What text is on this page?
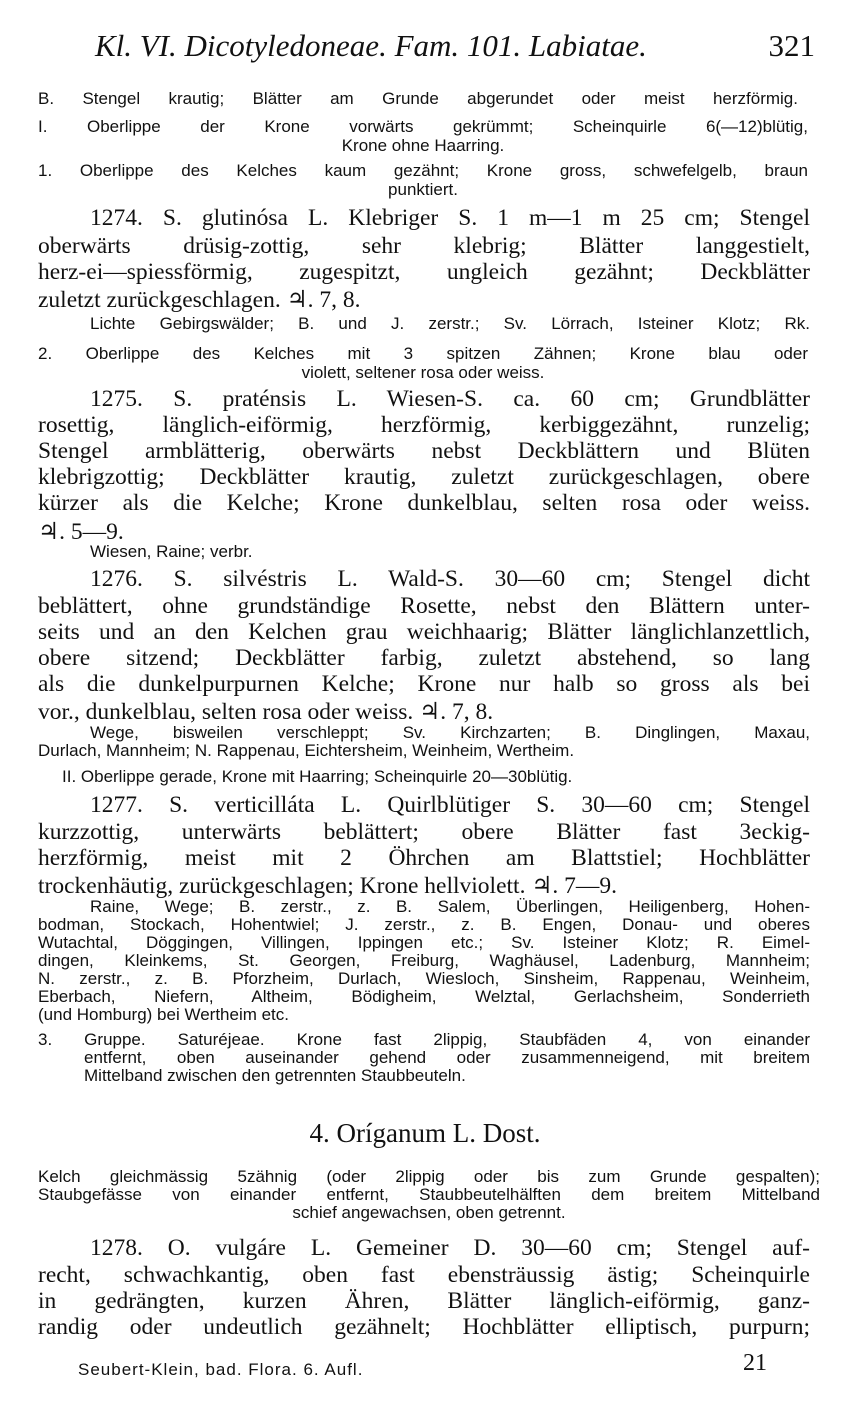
Kl. VI. Dicotyledoneae. Fam. 101. Labiatae.	321
B. Stengel krautig; Blätter am Grunde abgerundet oder meist herzförmig.
I. Oberlippe der Krone vorwärts gekrümmt; Scheinquirle 6(—12)blütig,
Krone ohne Haarring.
1. Oberlippe des Kelches kaum gezähnt; Krone gross, schwefelgelb, braun
punktiert.
1274. S. glutinósa L. Klebriger S. 1 m—1 m 25 cm; Stengel
oberwärts drüsig-zottig, sehr klebrig; Blätter langgestielt,
herz-ei—spiessförmig, zugespitzt, ungleich gezähnt; Deckblätter
zuletzt zurückgeschlagen. ♃. 7, 8.
Lichte Gebirgswälder; B. und J. zerstr.; Sv. Lörrach, Isteiner Klotz; Rk.
2. Oberlippe des Kelches mit 3 spitzen Zähnen; Krone blau oder
violett, seltener rosa oder weiss.
1275. S. praténsis L. Wiesen-S. ca. 60 cm; Grundblätter
rosettig, länglich-eiförmig, herzförmig, kerbiggezähnt, runzelig;
Stengel armblätterig, oberwärts nebst Deckblättern und Blüten
klebrigzottig; Deckblätter krautig, zuletzt zurückgeschlagen, obere
kürzer als die Kelche; Krone dunkelblau, selten rosa oder weiss.
♃. 5—9.
Wiesen, Raine; verbr.
1276. S. silvéstris L. Wald-S. 30—60 cm; Stengel dicht
beblättert, ohne grundständige Rosette, nebst den Blättern unter-
seits und an den Kelchen grau weichhaarig; Blätter länglichlanzettlich,
obere sitzend; Deckblätter farbig, zuletzt abstehend, so lang
als die dunkelpurpurnen Kelche; Krone nur halb so gross als bei
vor., dunkelblau, selten rosa oder weiss. ♃. 7, 8.
Wege, bisweilen verschleppt; Sv. Kirchzarten; B. Dinglingen, Maxau,
Durlach, Mannheim; N. Rappenau, Eichtersheim, Weinheim, Wertheim.
II. Oberlippe gerade, Krone mit Haarring; Scheinquirle 20—30blütig.
1277. S. verticilláta L. Quirlblütiger S. 30—60 cm; Stengel
kurzzottig, unterwärts beblättert; obere Blätter fast 3eckig-
herzförmig, meist mit 2 Öhrchen am Blattstiel; Hochblätter
trockenhäutig, zurückgeschlagen; Krone hellviolett. ♃. 7—9.
Raine, Wege; B. zerstr., z. B. Salem, Überlingen, Heiligenberg, Hohen-
bodman, Stockach, Hohentwiel; J. zerstr., z. B. Engen, Donau- und oberes
Wutachtal, Döggingen, Villingen, Ippingen etc.; Sv. Isteiner Klotz; R. Eimel-
dingen, Kleinkems, St. Georgen, Freiburg, Waghäusel, Ladenburg, Mannheim;
N. zerstr., z. B. Pforzheim, Durlach, Wiesloch, Sinsheim, Rappenau, Weinheim,
Eberbach, Niefern, Altheim, Bödigheim, Welztal, Gerlachsheim, Sonderrieth
(und Homburg) bei Wertheim etc.
3. Gruppe. Saturéjeae. Krone fast 2lippig, Staubfäden 4, von einander
entfernt, oben auseinander gehend oder zusammenneigend, mit breitem
Mittelband zwischen den getrennten Staubbeuteln.
Kelch gleichmässig 5zähnig (oder 2lippig oder bis zum Grunde gespalten);
Staubgefässe von einander entfernt, Staubbeutelhälften dem breitem Mittelband
schief angewachsen, oben getrennt.
1278. O. vulgáre L. Gemeiner D. 30—60 cm; Stengel auf-
recht, schwachkantig, oben fast ebensträussig ästig; Scheinquirle
in gedrängten, kurzen Ähren, Blätter länglich-eiförmig, ganz-
randig oder undeutlich gezähnelt; Hochblätter elliptisch, purpurn;
4. Oríganum L. Dost.
Seubert-Klein, bad. Flora. 6. Aufl.	21
